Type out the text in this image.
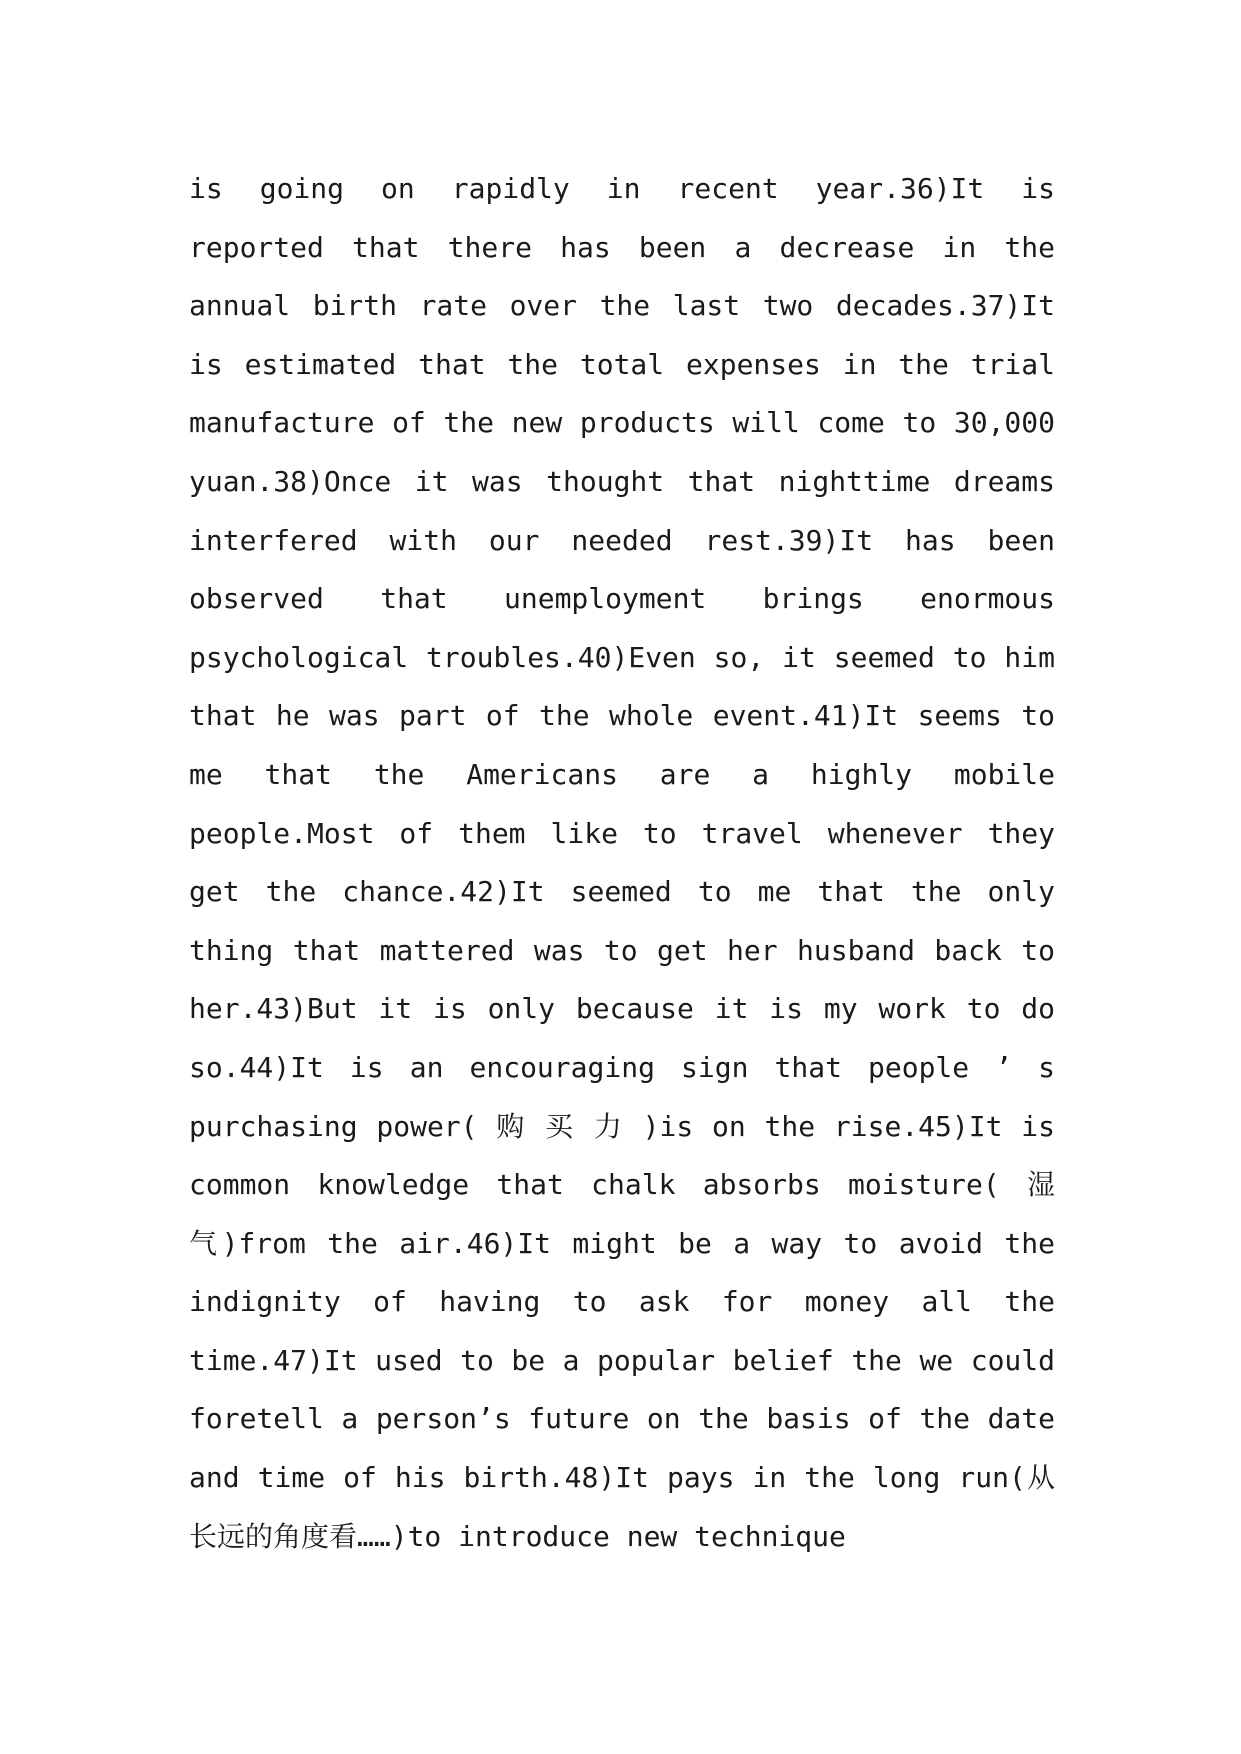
is going on rapidly in recent year.36)It is
reported that there has been a decrease in the
annual birth rate over the last two decades.37)It
is estimated that the total expenses in the trial
manufacture of the new products will come to 30,000
yuan.38)Once it was thought that nighttime dreams
interfered with our needed rest.39)It has been
observed that unemployment brings enormous
psychological troubles.40)Even so, it seemed to him
that he was part of the whole event.41)It seems to
me that the Americans are a highly mobile
people.Most of them like to travel whenever they
get the chance.42)It seemed to me that the only
thing that mattered was to get her husband back to
her.43)But it is only because it is my work to do
so.44)It is an encouraging sign that people ’ s
purchasing power( 购 买 力 )is on the rise.45)It is
common knowledge that chalk absorbs moisture( 湿
气)from the air.46)It might be a way to avoid the
indignity of having to ask for money all the
time.47)It used to be a popular belief the we could
foretell a person’s future on the basis of the date
and time of his birth.48)It pays in the long run(从
长远的角度看……)to introduce new technique
